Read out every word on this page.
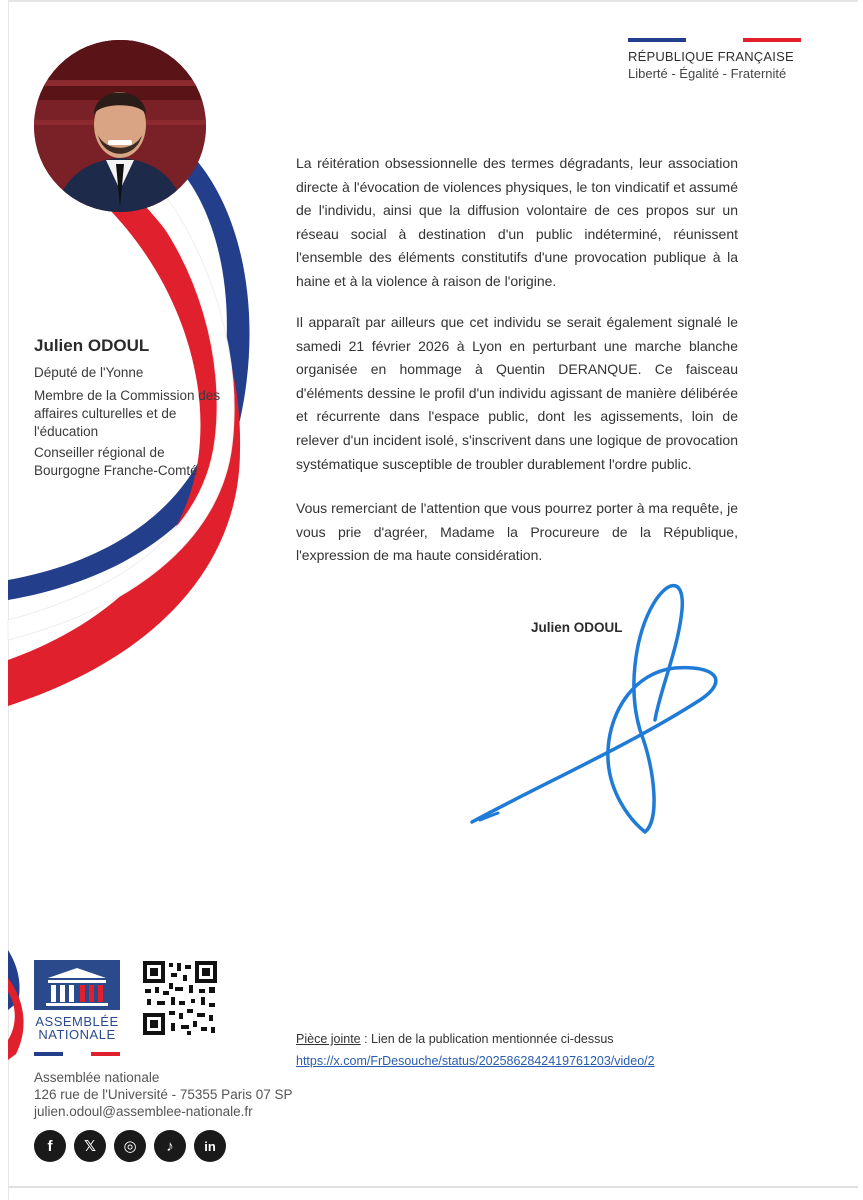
RÉPUBLIQUE FRANÇAISE
Liberté - Égalité - Fraternité
Julien ODOUL
Député de l'Yonne
Membre de la Commission des affaires culturelles et de l'éducation
Conseiller régional de Bourgogne Franche-Comté
La réitération obsessionnelle des termes dégradants, leur association directe à l'évocation de violences physiques, le ton vindicatif et assumé de l'individu, ainsi que la diffusion volontaire de ces propos sur un réseau social à destination d'un public indéterminé, réunissent l'ensemble des éléments constitutifs d'une provocation publique à la haine et à la violence à raison de l'origine.
Il apparaît par ailleurs que cet individu se serait également signalé le samedi 21 février 2026 à Lyon en perturbant une marche blanche organisée en hommage à Quentin DERANQUE. Ce faisceau d'éléments dessine le profil d'un individu agissant de manière délibérée et récurrente dans l'espace public, dont les agissements, loin de relever d'un incident isolé, s'inscrivent dans une logique de provocation systématique susceptible de troubler durablement l'ordre public.
Vous remerciant de l'attention que vous pourrez porter à ma requête, je vous prie d'agréer, Madame la Procureure de la République, l'expression de ma haute considération.
Julien ODOUL
ASSEMBLÉE
NATIONALE
Assemblée nationale
126 rue de l'Université - 75355 Paris 07 SP
julien.odoul@assemblee-nationale.fr
f	𝕏	◎	♪	in
Pièce jointe : Lien de la publication mentionnée ci-dessus
https://x.com/FrDesouche/status/2025862842419761203/video/2
